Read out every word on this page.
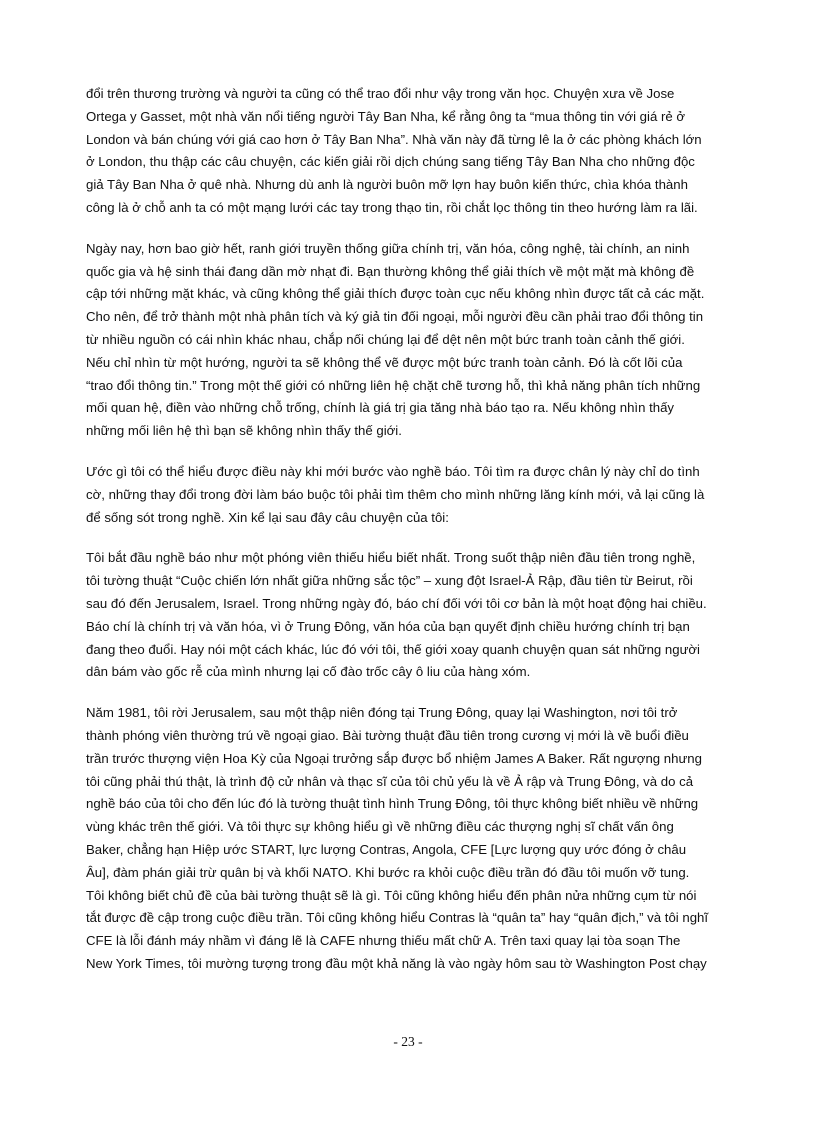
đổi trên thương trường và người ta cũng có thể trao đổi như vậy trong văn học. Chuyện xưa về Jose
Ortega y Gasset, một nhà văn nổi tiếng người Tây Ban Nha, kể rằng ông ta “mua thông tin với giá rẻ ở
London và bán chúng với giá cao hơn ở Tây Ban Nha”. Nhà văn này đã từng lê la ở các phòng khách lớn
ở London, thu thập các câu chuyện, các kiến giải rồi dịch chúng sang tiếng Tây Ban Nha cho những độc
giả Tây Ban Nha ở quê nhà. Nhưng dù anh là người buôn mỡ lợn hay buôn kiến thức, chìa khóa thành
công là ở chỗ anh ta có một mạng lưới các tay trong thạo tin, rồi chắt lọc thông tin theo hướng làm ra lãi.

Ngày nay, hơn bao giờ hết, ranh giới truyền thống giữa chính trị, văn hóa, công nghệ, tài chính, an ninh
quốc gia và hệ sinh thái đang dần mờ nhạt đi. Bạn thường không thể giải thích về một mặt mà không đề
cập tới những mặt khác, và cũng không thể giải thích được toàn cục nếu không nhìn được tất cả các mặt.
Cho nên, để trở thành một nhà phân tích và ký giả tin đối ngoại, mỗi người đều cần phải trao đổi thông tin
từ nhiều nguồn có cái nhìn khác nhau, chắp nối chúng lại để dệt nên một bức tranh toàn cảnh thế giới.
Nếu chỉ nhìn từ một hướng, người ta sẽ không thể vẽ được một bức tranh toàn cảnh. Đó là cốt lõi của
“trao đổi thông tin.” Trong một thế giới có những liên hệ chặt chẽ tương hỗ, thì khả năng phân tích những
mối quan hệ, điền vào những chỗ trống, chính là giá trị gia tăng nhà báo tạo ra. Nếu không nhìn thấy
những mối liên hệ thì bạn sẽ không nhìn thấy thế giới.

Ước gì tôi có thể hiểu được điều này khi mới bước vào nghề báo. Tôi tìm ra được chân lý này chỉ do tình
cờ, những thay đổi trong đời làm báo buộc tôi phải tìm thêm cho mình những lăng kính mới, vả lại cũng là
để sống sót trong nghề. Xin kể lại sau đây câu chuyện của tôi:

Tôi bắt đầu nghề báo như một phóng viên thiếu hiểu biết nhất. Trong suốt thập niên đầu tiên trong nghề,
tôi tường thuật “Cuộc chiến lớn nhất giữa những sắc tộc” – xung đột Israel-Ả Rập, đầu tiên từ Beirut, rồi
sau đó đến Jerusalem, Israel. Trong những ngày đó, báo chí đối với tôi cơ bản là một hoạt động hai chiều.
Báo chí là chính trị và văn hóa, vì ở Trung Đông, văn hóa của bạn quyết định chiều hướng chính trị bạn
đang theo đuổi. Hay nói một cách khác, lúc đó với tôi, thế giới xoay quanh chuyện quan sát những người
dân bám vào gốc rễ của mình nhưng lại cố đào trốc cây ô liu của hàng xóm.

Năm 1981, tôi rời Jerusalem, sau một thập niên đóng tại Trung Đông, quay lại Washington, nơi tôi trở
thành phóng viên thường trú về ngoại giao. Bài tường thuật đầu tiên trong cương vị mới là về buổi điều
trần trước thượng viện Hoa Kỳ của Ngoại trưởng sắp được bổ nhiệm James A Baker. Rất ngượng nhưng
tôi cũng phải thú thật, là trình độ cử nhân và thạc sĩ của tôi chủ yếu là về Ả rập và Trung Đông, và do cả
nghề báo của tôi cho đến lúc đó là tường thuật tình hình Trung Đông, tôi thực không biết nhiều về những
vùng khác trên thế giới. Và tôi thực sự không hiểu gì về những điều các thượng nghị sĩ chất vấn ông
Baker, chẳng hạn Hiệp ước START, lực lượng Contras, Angola, CFE [Lực lượng quy ước đóng ở châu
Âu], đàm phán giải trừ quân bị và khối NATO. Khi bước ra khỏi cuộc điều trần đó đầu tôi muốn vỡ tung.
Tôi không biết chủ đề của bài tường thuật sẽ là gì. Tôi cũng không hiểu đến phân nửa những cụm từ nói
tắt được đề cập trong cuộc điều trần. Tôi cũng không hiểu Contras là “quân ta” hay “quân địch,” và tôi nghĩ
CFE là lỗi đánh máy nhầm vì đáng lẽ là CAFE nhưng thiếu mất chữ A. Trên taxi quay lại tòa soạn The
New York Times, tôi mường tượng trong đầu một khả năng là vào ngày hôm sau tờ Washington Post chạy

- 23 -
